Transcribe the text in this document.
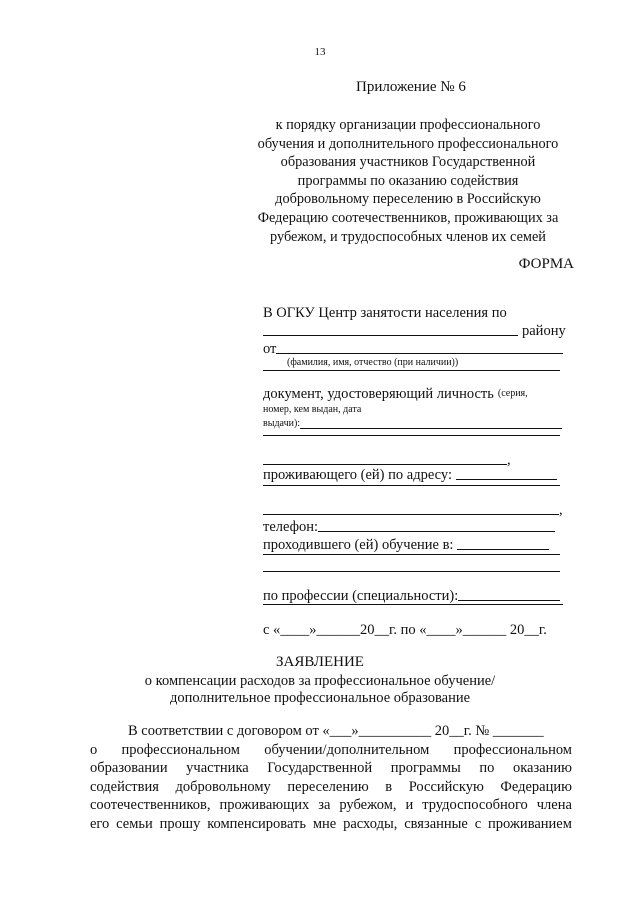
13
Приложение № 6
к порядку организации профессионального
обучения и дополнительного профессионального
образования участников Государственной
программы по оказанию содействия
добровольному переселению в Российскую
Федерацию соотечественников, проживающих за
рубежом, и трудоспособных членов их семей
ФОРМА
В ОГКУ Центр занятости населения по
району
от
(фамилия, имя, отчество (при наличии))
документ, удостоверяющий личность (серия,
номер, кем выдан, дата
выдачи):
,
проживающего (ей) по адресу:
,
телефон:
проходившего (ей) обучение в:
по профессии (специальности):
с «____»______20__г. по «____»______ 20__г.
ЗАЯВЛЕНИЕ
о компенсации расходов за профессиональное обучение/
дополнительное профессиональное образование
В соответствии с договором от «___»__________ 20__г. № _______
о профессиональном обучении/дополнительном профессиональном
образовании участника Государственной программы по оказанию
содействия добровольному переселению в Российскую Федерацию
соотечественников, проживающих за рубежом, и трудоспособного члена
его семьи прошу компенсировать мне расходы, связанные с проживанием
